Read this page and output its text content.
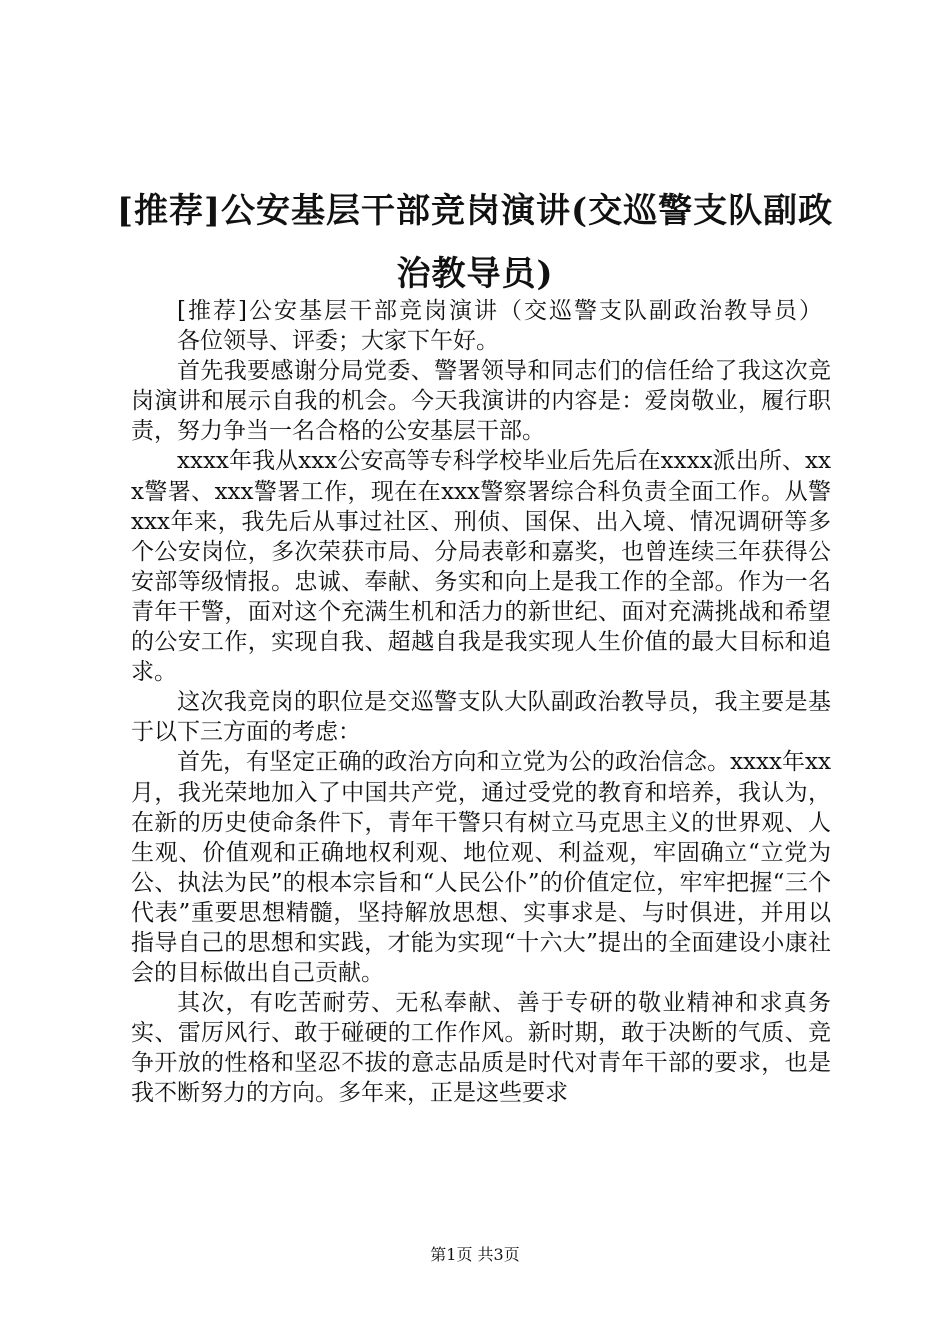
[推荐]公安基层干部竞岗演讲(交巡警支队副政治教导员)

[推荐]公安基层干部竞岗演讲（交巡警支队副政治教导员）

各位领导、评委；大家下午好。

首先我要感谢分局党委、警署领导和同志们的信任给了我这次竞岗演讲和展示自我的机会。今天我演讲的内容是：爱岗敬业，履行职责，努力争当一名合格的公安基层干部。

xxxx年我从xxx公安高等专科学校毕业后先后在xxxx派出所、xxx警署、xxx警署工作，现在在xxx警察署综合科负责全面工作。从警xxx年来，我先后从事过社区、刑侦、国保、出入境、情况调研等多个公安岗位，多次荣获市局、分局表彰和嘉奖，也曾连续三年获得公安部等级情报。忠诚、奉献、务实和向上是我工作的全部。作为一名青年干警，面对这个充满生机和活力的新世纪、面对充满挑战和希望的公安工作，实现自我、超越自我是我实现人生价值的最大目标和追求。

这次我竞岗的职位是交巡警支队大队副政治教导员，我主要是基于以下三方面的考虑：

首先，有坚定正确的政治方向和立党为公的政治信念。xxxx年xx月，我光荣地加入了中国共产党，通过受党的教育和培养，我认为，在新的历史使命条件下，青年干警只有树立马克思主义的世界观、人生观、价值观和正确地权利观、地位观、利益观，牢固确立“立党为公、执法为民”的根本宗旨和“人民公仆”的价值定位，牢牢把握“三个代表”重要思想精髓，坚持解放思想、实事求是、与时俱进，并用以指导自己的思想和实践，才能为实现“十六大”提出的全面建设小康社会的目标做出自己贡献。

其次，有吃苦耐劳、无私奉献、善于专研的敬业精神和求真务实、雷厉风行、敢于碰硬的工作作风。新时期，敢于决断的气质、竞争开放的性格和坚忍不拔的意志品质是时代对青年干部的要求，也是我不断努力的方向。多年来，正是这些要求

第1页 共3页
